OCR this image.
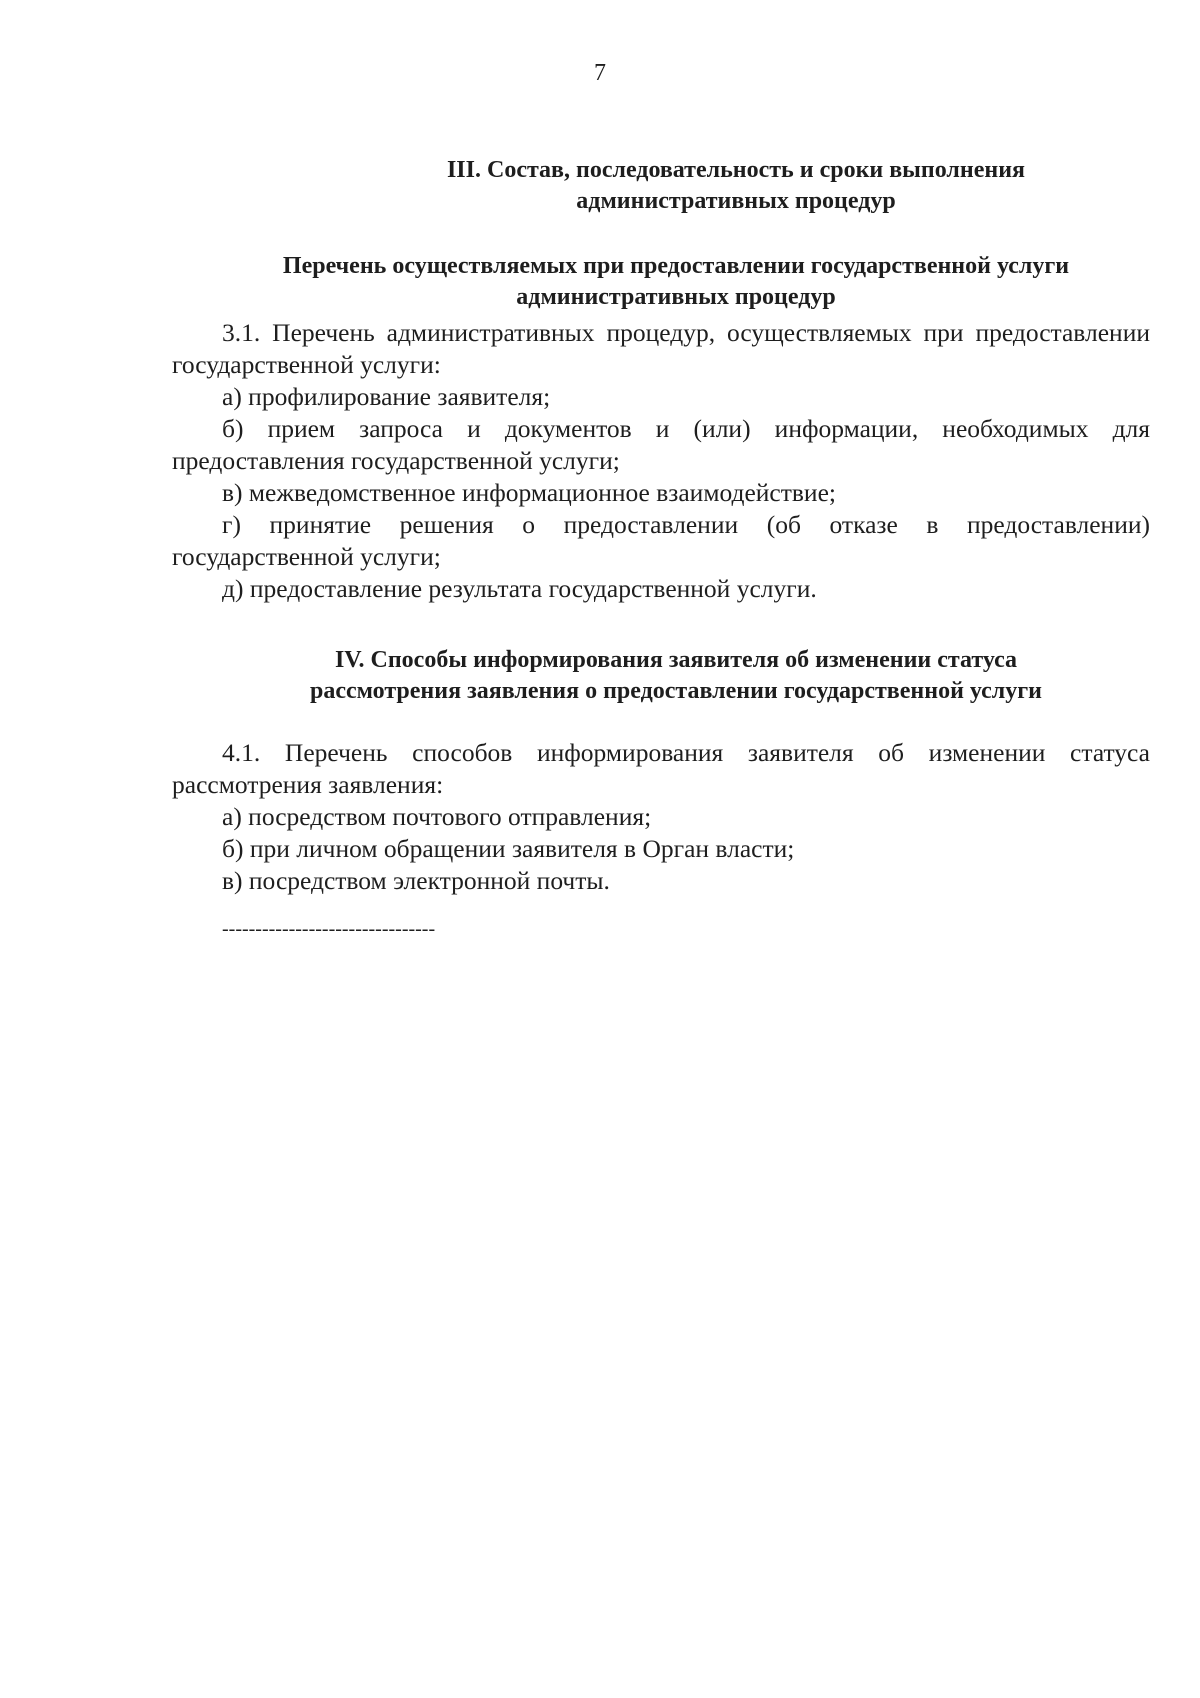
7
III. Состав, последовательность и сроки выполнения
административных процедур
Перечень осуществляемых при предоставлении государственной услуги
административных процедур

3.1. Перечень административных процедур, осуществляемых при предоставлении государственной услуги:

а) профилирование заявителя;

б) прием запроса и документов и (или) информации, необходимых для предоставления государственной услуги;

в) межведомственное информационное взаимодействие;

г) принятие решения о предоставлении (об отказе в предоставлении) государственной услуги;

д) предоставление результата государственной услуги.

IV. Способы информирования заявителя об изменении статуса
рассмотрения заявления о предоставлении государственной услуги

4.1. Перечень способов информирования заявителя об изменении статуса рассмотрения заявления:

а) посредством почтового отправления;

б) при личном обращении заявителя в Орган власти;

в) посредством электронной почты.

--------------------------------
